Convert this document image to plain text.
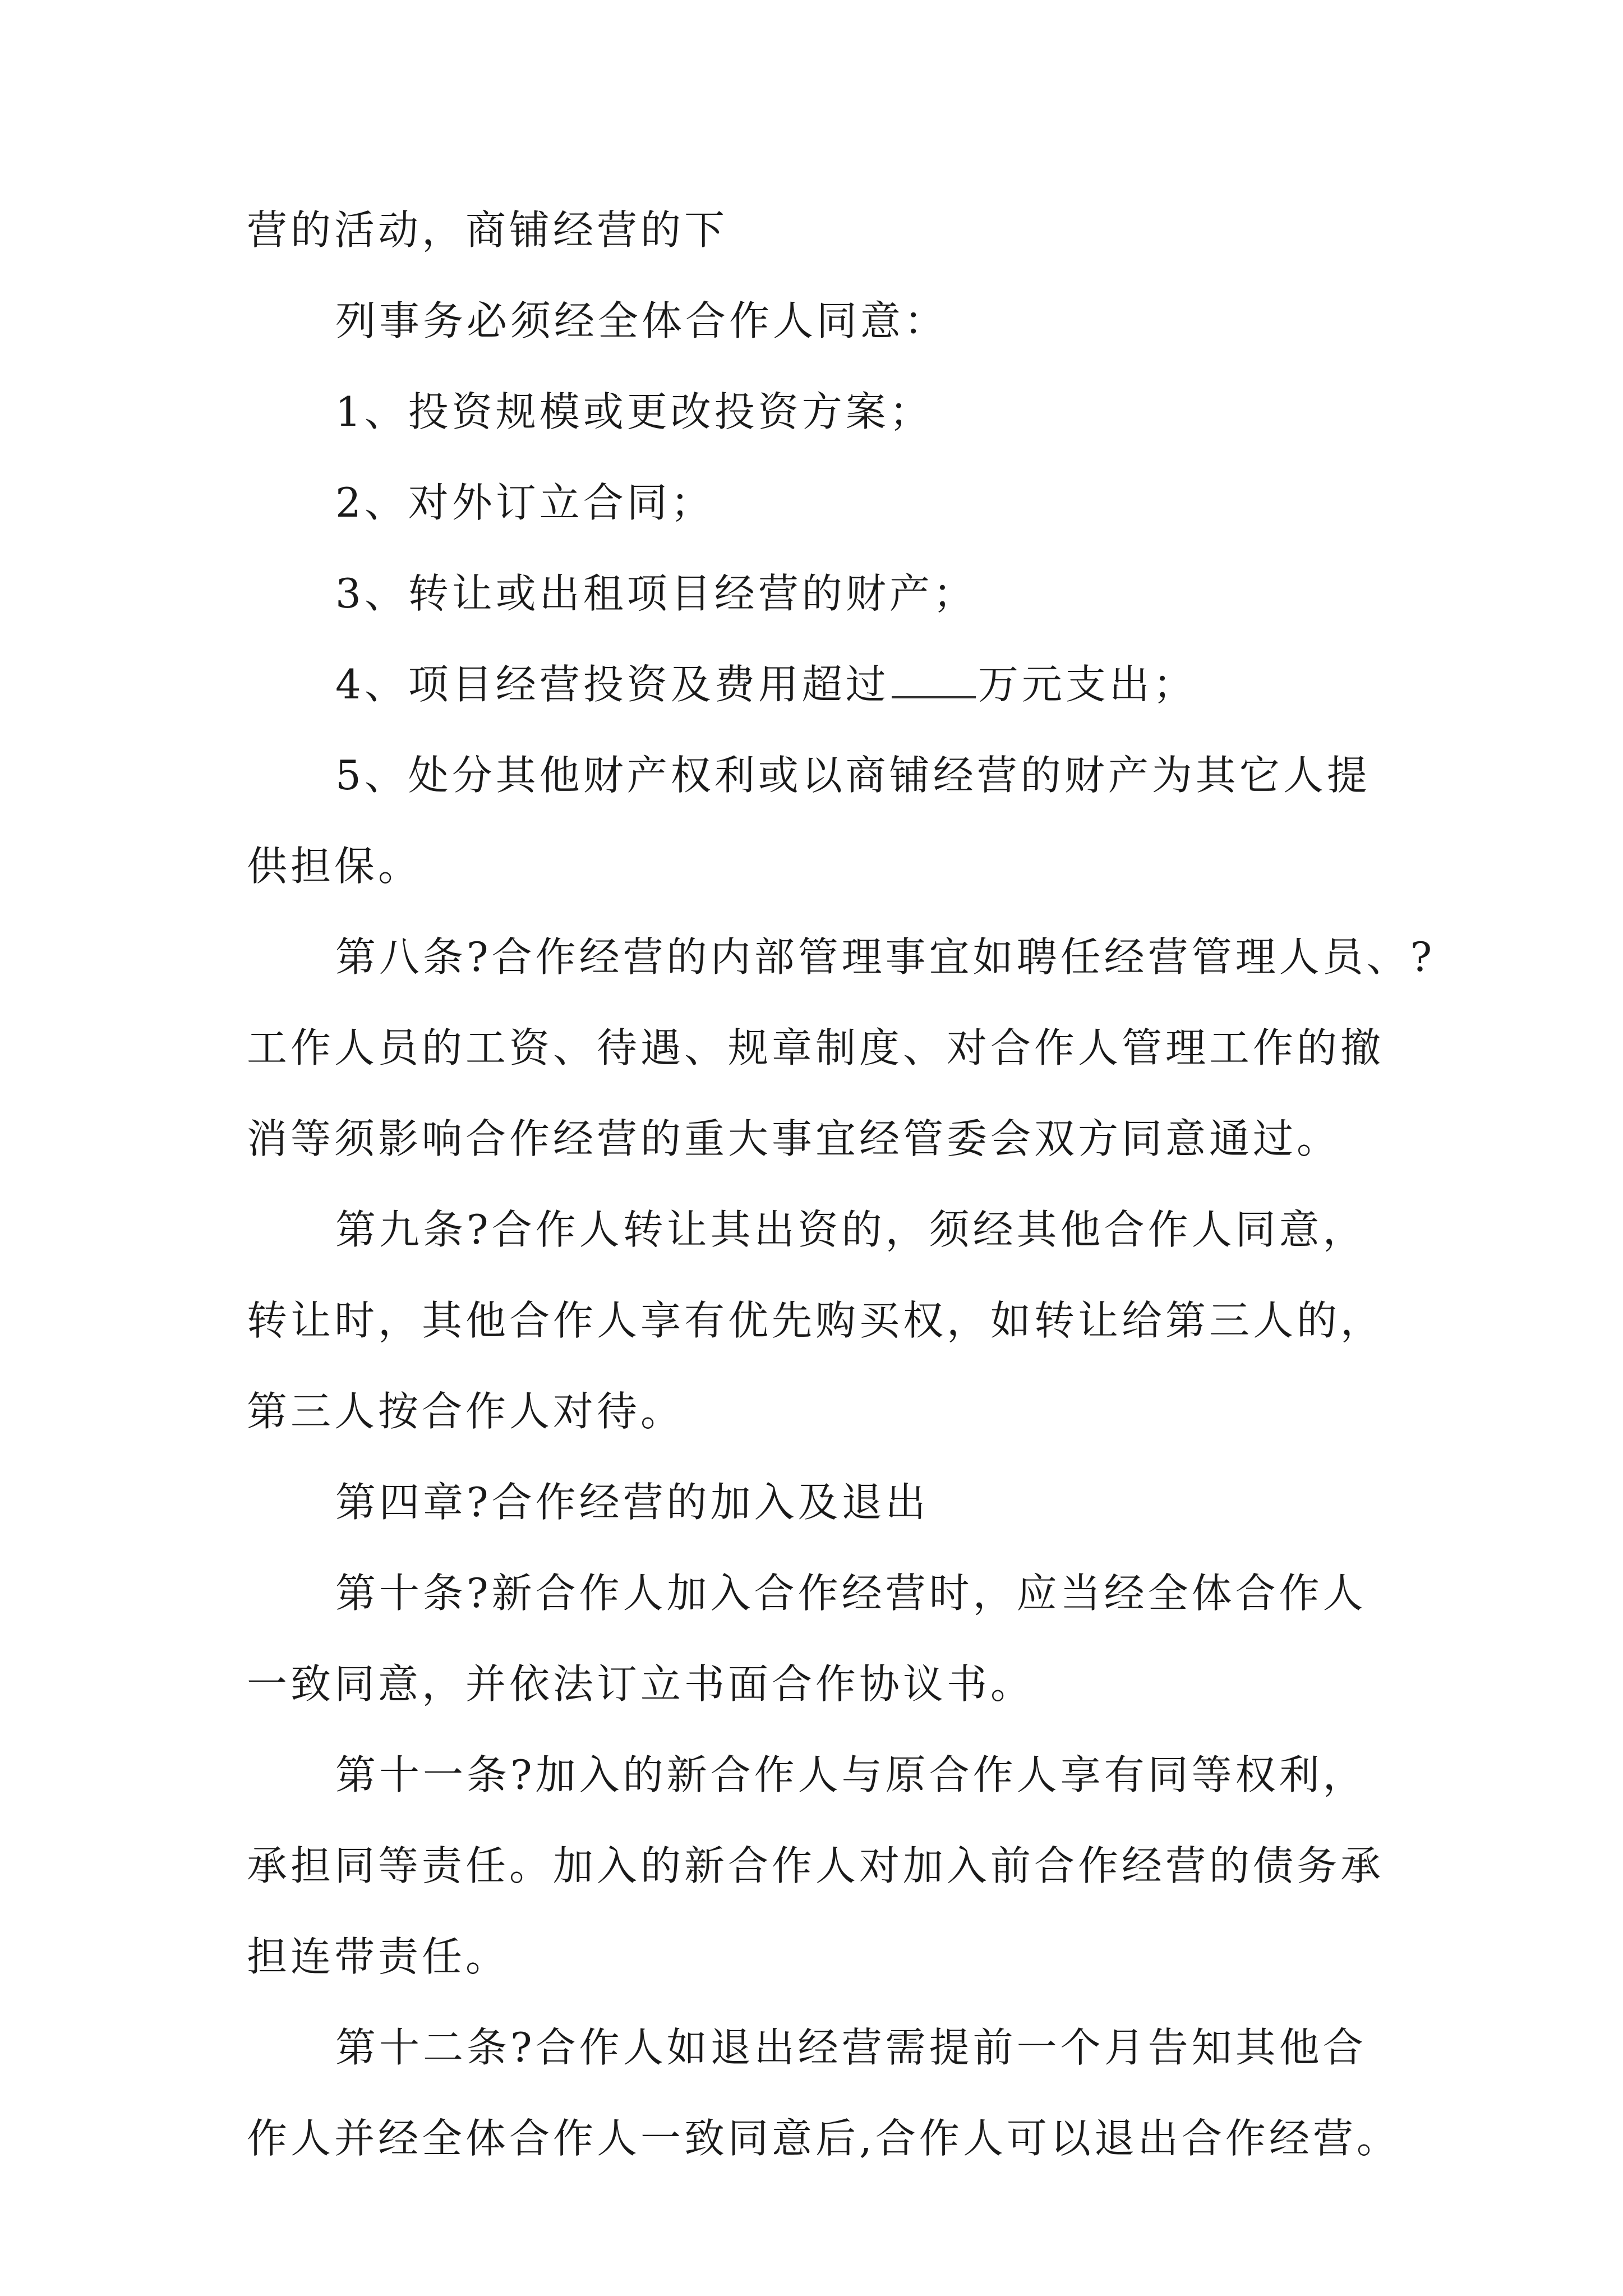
营的活动，商铺经营的下
列事务必须经全体合作人同意：
1、投资规模或更改投资方案；
2、对外订立合同；
3、转让或出租项目经营的财产；
4、项目经营投资及费用超过 万元支出；
5、处分其他财产权利或以商铺经营的财产为其它人提
供担保。
第八条?合作经营的内部管理事宜如聘任经营管理人员、?
工作人员的工资、待遇、规章制度、对合作人管理工作的撤
消等须影响合作经营的重大事宜经管委会双方同意通过。
第九条?合作人转让其出资的，须经其他合作人同意，
转让时，其他合作人享有优先购买权，如转让给第三人的，
第三人按合作人对待。
第四章?合作经营的加入及退出
第十条?新合作人加入合作经营时，应当经全体合作人
一致同意，并依法订立书面合作协议书。
第十一条?加入的新合作人与原合作人享有同等权利，
承担同等责任。加入的新合作人对加入前合作经营的债务承
担连带责任。
第十二条?合作人如退出经营需提前一个月告知其他合
作人并经全体合作人一致同意后,合作人可以退出合作经营。
